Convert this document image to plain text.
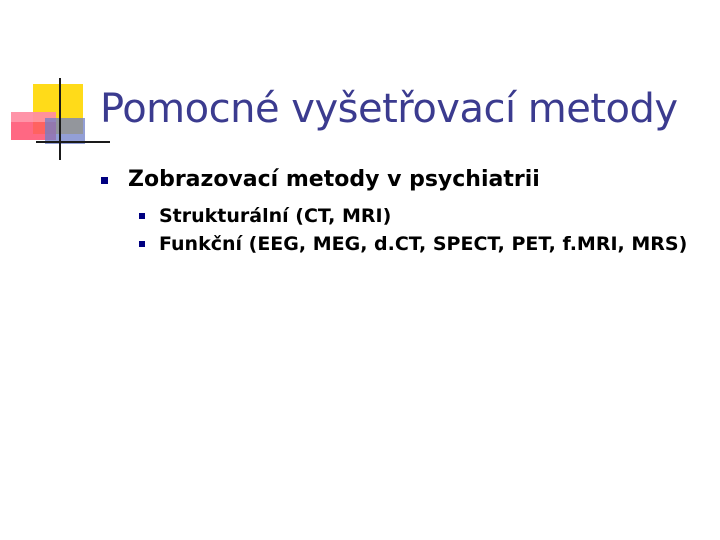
Pomocné vyšetřovací metody
Zobrazovací metody v psychiatrii
Strukturální (CT, MRI)
Funkční (EEG, MEG, d.CT, SPECT, PET, f.MRI, MRS)
